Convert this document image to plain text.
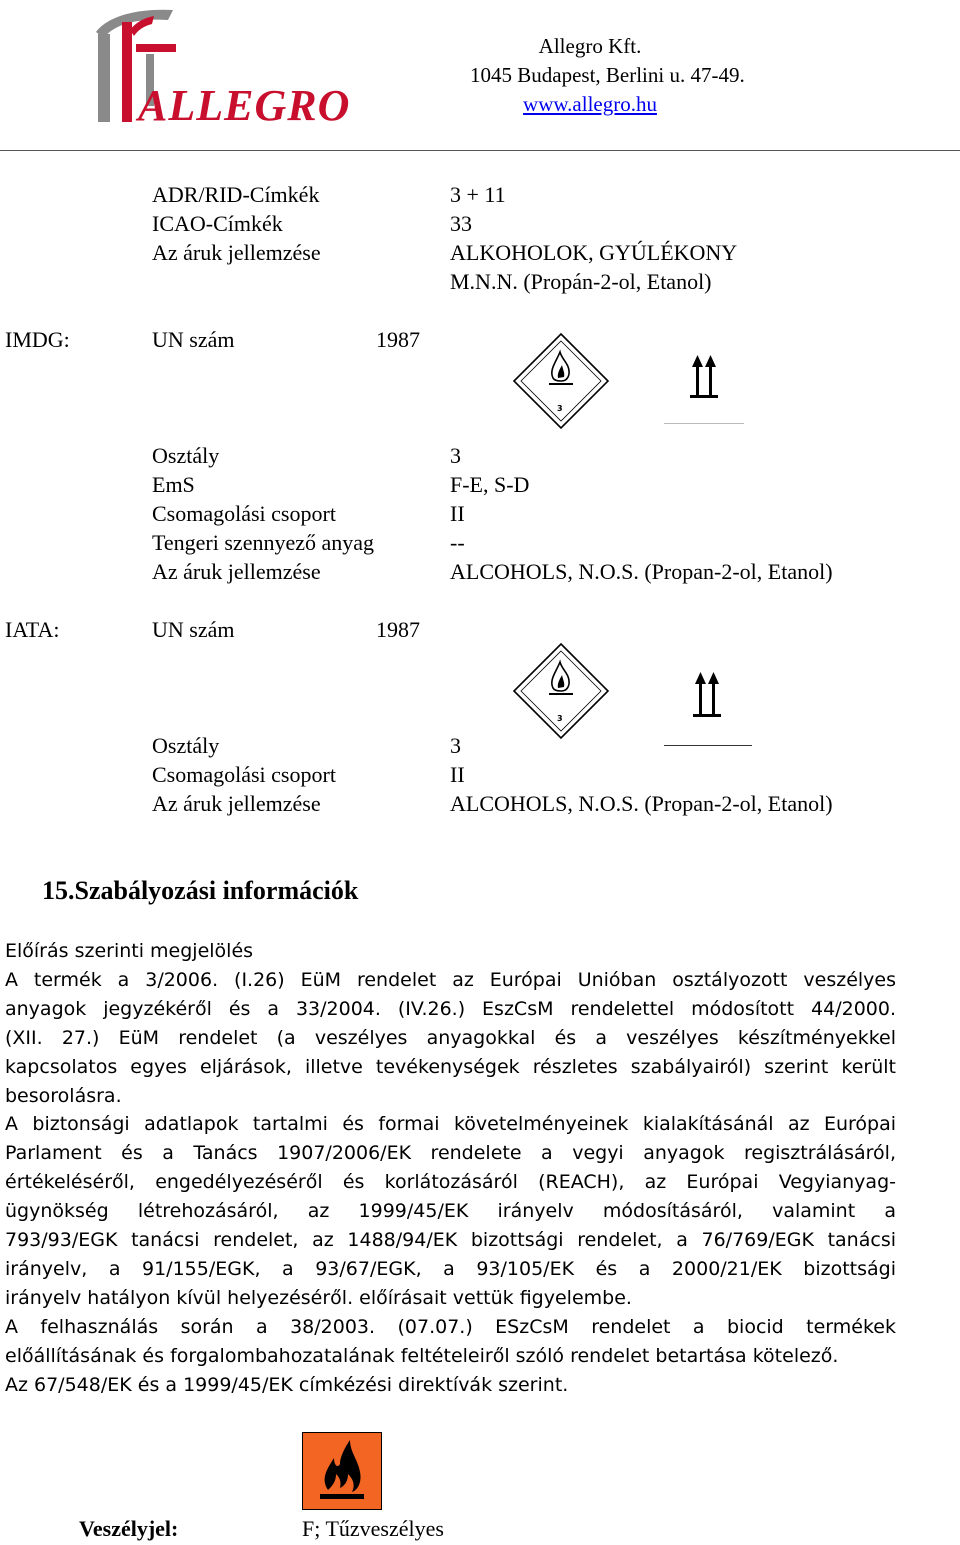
ALLEGRO
Allegro Kft.
1045 Budapest, Berlini u. 47-49.
www.allegro.hu
ADR/RID-Címkék	3 + 11
ICAO-Címkék	33
Az áruk jellemzése	ALKOHOLOK, GYÚLÉKONY
M.N.N. (Propán-2-ol, Etanol)
IMDG:	UN szám	1987
3
Osztály	3
EmS	F-E, S-D
Csomagolási csoport	II
Tengeri szennyező anyag	--
Az áruk jellemzése	ALCOHOLS, N.O.S. (Propan-2-ol, Etanol)
IATA:	UN szám	1987
3
Osztály	3
Csomagolási csoport	II
Az áruk jellemzése	ALCOHOLS, N.O.S. (Propan-2-ol, Etanol)
15.Szabályozási információk
Előírás szerinti megjelölés
A termék a 3/2006. (I.26) EüM rendelet az Európai Unióban osztályozott veszélyes
anyagok jegyzékéről és a 33/2004. (IV.26.) EszCsM rendelettel módosított 44/2000.
(XII. 27.) EüM rendelet (a veszélyes anyagokkal és a veszélyes készítményekkel
kapcsolatos egyes eljárások, illetve tevékenységek részletes szabályairól) szerint került
besorolásra.
A biztonsági adatlapok tartalmi és formai követelményeinek kialakításánál az Európai
Parlament és a Tanács 1907/2006/EK rendelete a vegyi anyagok regisztrálásáról,
értékeléséről, engedélyezéséről és korlátozásáról (REACH), az Európai Vegyianyag-
ügynökség létrehozásáról, az 1999/45/EK irányelv módosításáról, valamint a
793/93/EGK tanácsi rendelet, az 1488/94/EK bizottsági rendelet, a 76/769/EGK tanácsi
irányelv, a 91/155/EGK, a 93/67/EGK, a 93/105/EK és a 2000/21/EK bizottsági
irányelv hatályon kívül helyezéséről. előírásait vettük figyelembe.
A felhasználás során a 38/2003. (07.07.) ESzCsM rendelet a biocid termékek
előállításának és forgalombahozatalának feltételeiről szóló rendelet betartása kötelező.
Az 67/548/EK és a 1999/45/EK címkézési direktívák szerint.
Veszélyjel:	F; Tűzveszélyes
